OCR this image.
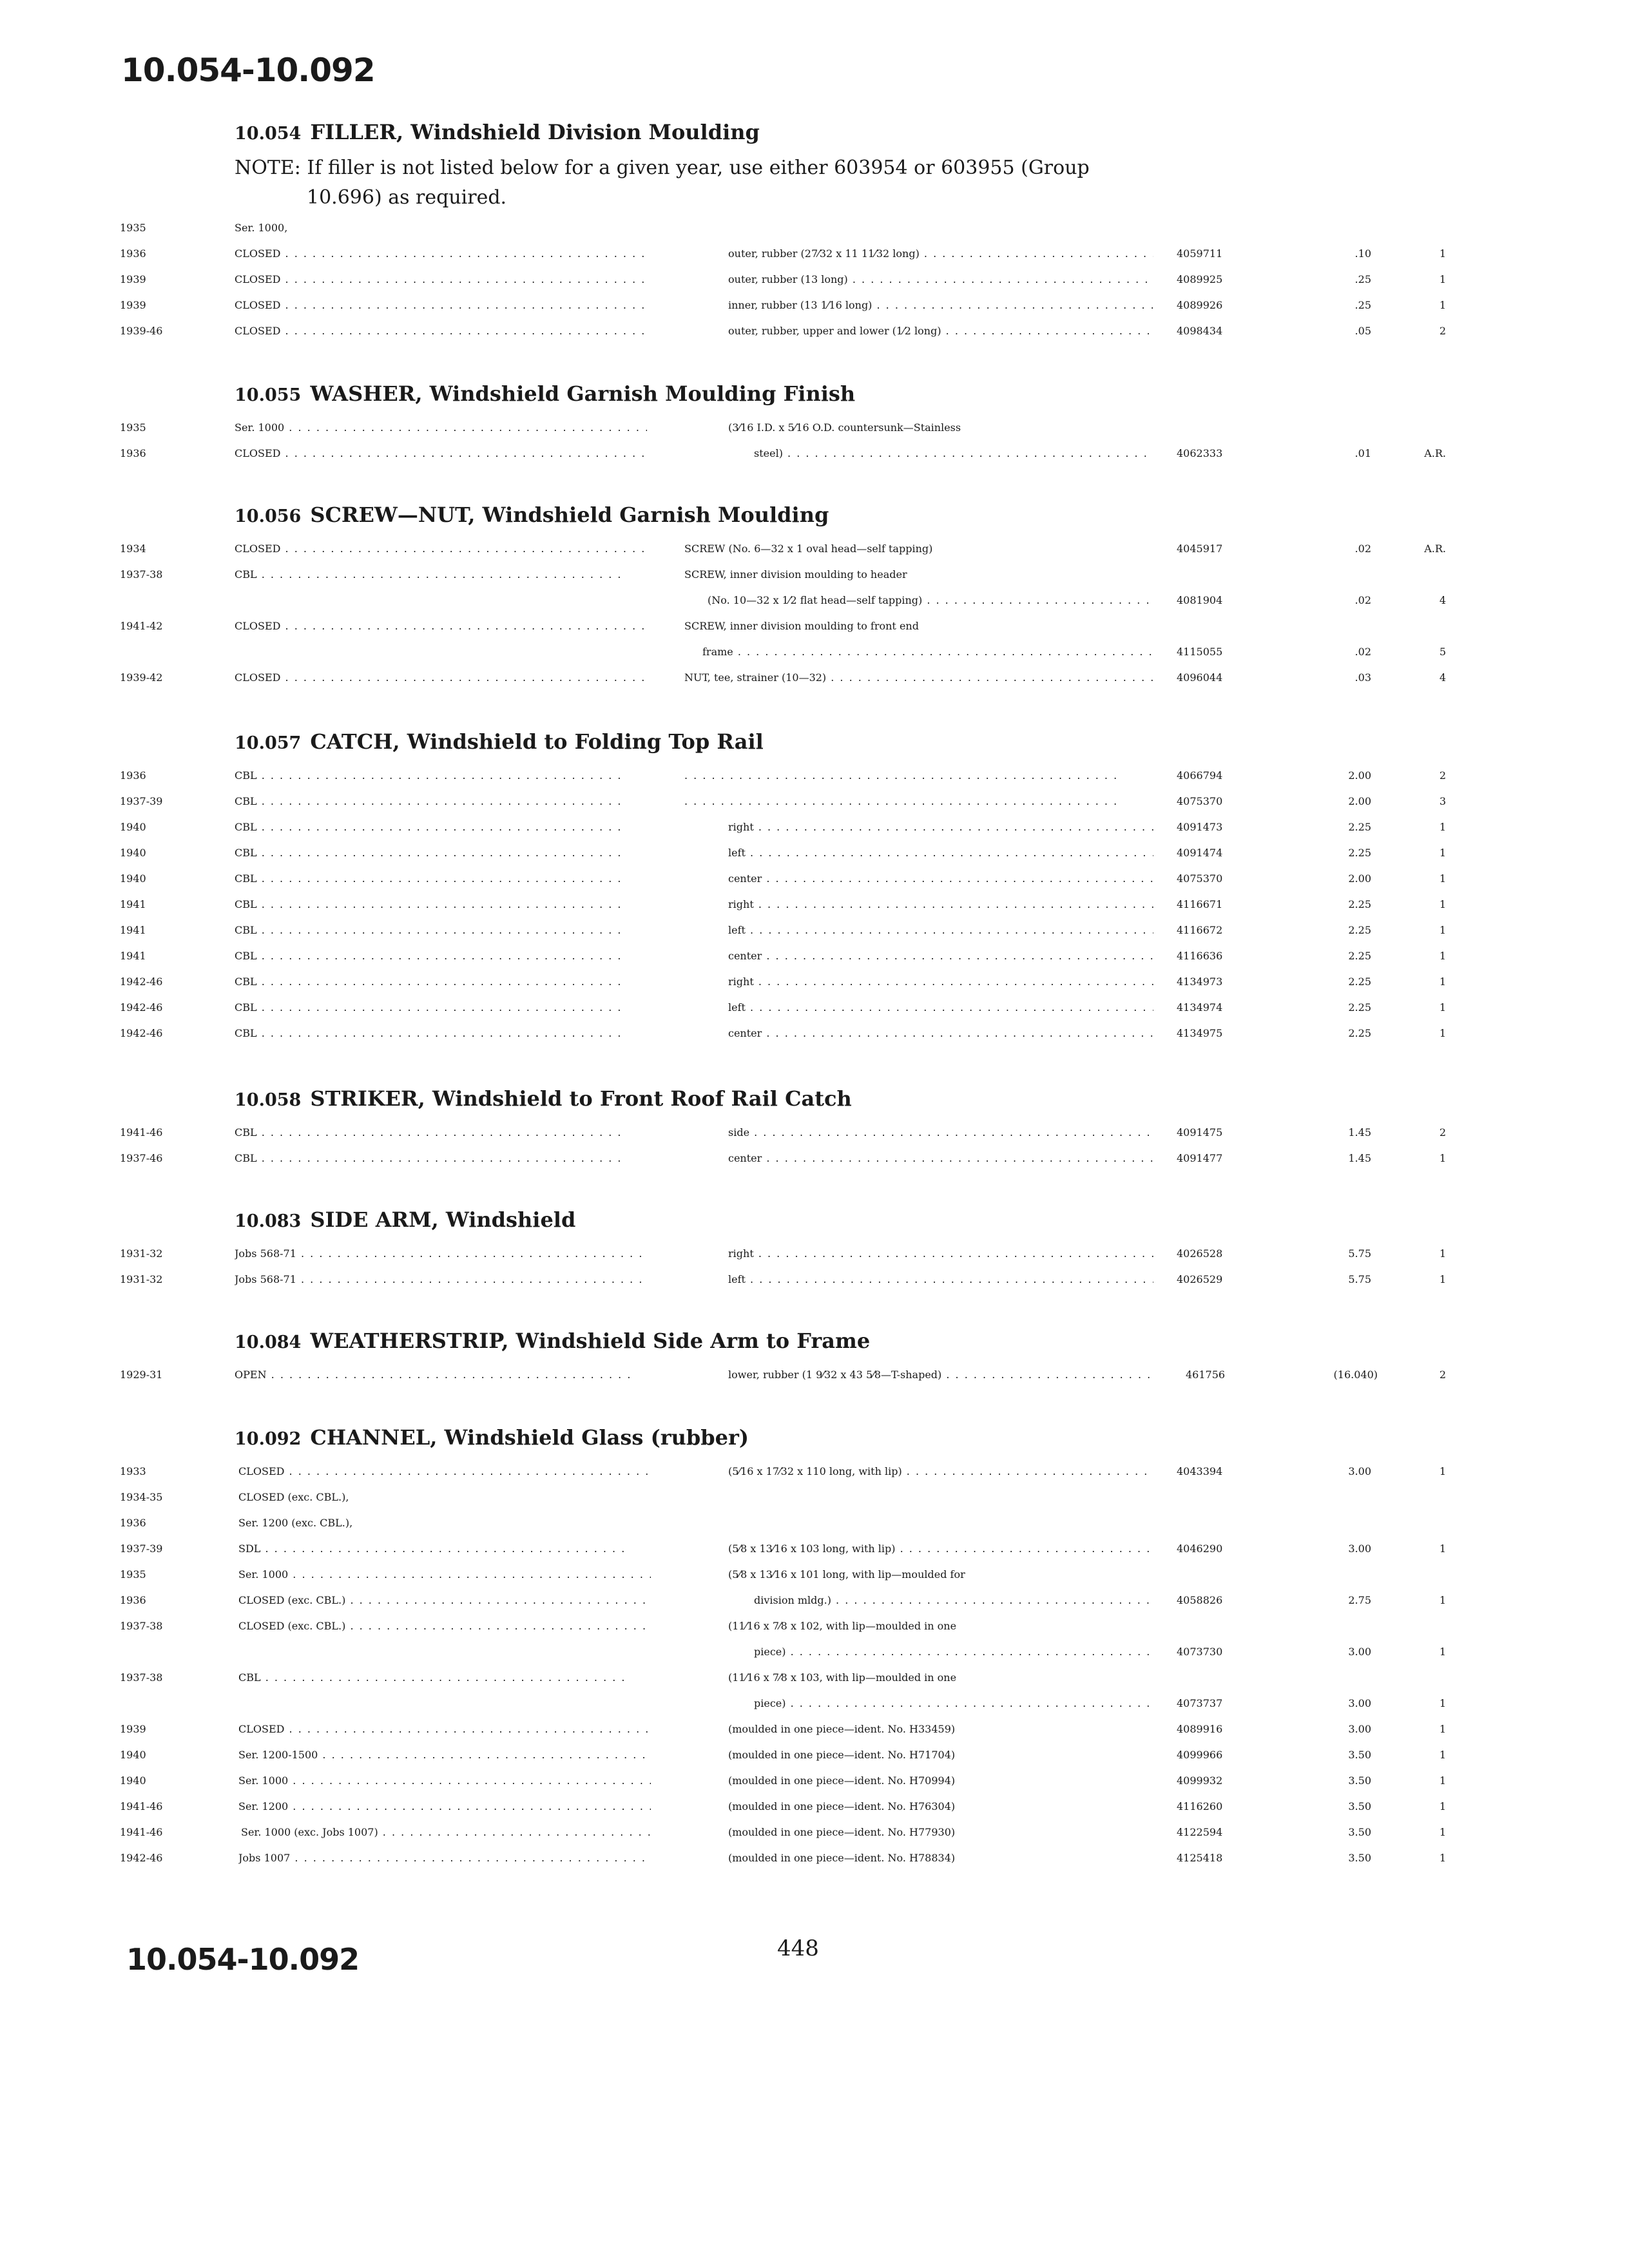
10.054-10.092
10.054 FILLER, Windshield Division Moulding
NOTE: If filler is not listed below for a given year, use either 603954 or 603955 (Group
10.696) as required.
1935	Ser. 1000,
1936	CLOSED . . .	outer, rubber (27⁄32 x 11 11⁄32 long) . . .	4059711	.10	1
1939	CLOSED . . .	outer, rubber (13 long) . . .	4089925	.25	1
1939	CLOSED . . .	inner, rubber (13 1⁄16 long) . . .	4089926	.25	1
1939-46	CLOSED . . .	outer, rubber, upper and lower (1⁄2 long) . . .	4098434	.05	2
10.055 WASHER, Windshield Garnish Moulding Finish
1935	Ser. 1000 . . .	(3⁄16 I.D. x 5⁄16 O.D. countersunk—Stainless
1936	CLOSED . . .	steel) . . .	4062333	.01	A.R.
10.056 SCREW—NUT, Windshield Garnish Moulding
1934	CLOSED . . .	SCREW (No. 6—32 x 1 oval head—self tapping)	4045917	.02	A.R.
1937-38	CBL . . .	SCREW, inner division moulding to header
(No. 10—32 x 1⁄2 flat head—self tapping) . . .	4081904	.02	4
1941-42	CLOSED . . .	SCREW, inner division moulding to front end
frame . . .	4115055	.02	5
1939-42	CLOSED . . .	NUT, tee, strainer (10—32) . . .	4096044	.03	4
10.057 CATCH, Windshield to Folding Top Rail
1936	CBL . . . . . .	4066794	2.00	2
1937-39	CBL . . . . . .	4075370	2.00	3
1940	CBL . . .	right . . .	4091473	2.25	1
1940	CBL . . .	left . . .	4091474	2.25	1
1940	CBL . . .	center . . .	4075370	2.00	1
1941	CBL . . .	right . . .	4116671	2.25	1
1941	CBL . . .	left . . .	4116672	2.25	1
1941	CBL . . .	center . . .	4116636	2.25	1
1942-46	CBL . . .	right . . .	4134973	2.25	1
1942-46	CBL . . .	left . . .	4134974	2.25	1
1942-46	CBL . . .	center . . .	4134975	2.25	1
10.058 STRIKER, Windshield to Front Roof Rail Catch
1941-46	CBL . . .	side . . .	4091475	1.45	2
1937-46	CBL . . .	center . . .	4091477	1.45	1
10.083 SIDE ARM, Windshield
1931-32	Jobs 568-71 . . .	right . . .	4026528	5.75	1
1931-32	Jobs 568-71 . . .	left . . .	4026529	5.75	1
10.084 WEATHERSTRIP, Windshield Side Arm to Frame
1929-31	OPEN . . .	lower, rubber (1 9⁄32 x 43 5⁄8—T-shaped) . . .	461756	(16.040)	2
10.092 CHANNEL, Windshield Glass (rubber)
1933	CLOSED . . .	(5⁄16 x 17⁄32 x 110 long, with lip) . . .	4043394	3.00	1
1934-35	CLOSED (exc. CBL.),
1936	Ser. 1200 (exc. CBL.),
1937-39	SDL . . .	(5⁄8 x 13⁄16 x 103 long, with lip) . . .	4046290	3.00	1
1935	Ser. 1000 . . .	(5⁄8 x 13⁄16 x 101 long, with lip—moulded for
1936	CLOSED (exc. CBL.) . . .	division mldg.) . . .	4058826	2.75	1
1937-38	CLOSED (exc. CBL.) . . .	(11⁄16 x 7⁄8 x 102, with lip—moulded in one
piece) . . .	4073730	3.00	1
1937-38	CBL . . .	(11⁄16 x 7⁄8 x 103, with lip—moulded in one
piece) . . .	4073737	3.00	1
1939	CLOSED . . .	(moulded in one piece—ident. No. H33459)	4089916	3.00	1
1940	Ser. 1200-1500 . . .	(moulded in one piece—ident. No. H71704)	4099966	3.50	1
1940	Ser. 1000 . . .	(moulded in one piece—ident. No. H70994)	4099932	3.50	1
1941-46	Ser. 1200 . . .	(moulded in one piece—ident. No. H76304)	4116260	3.50	1
1941-46	Ser. 1000 (exc. Jobs 1007) . . .	(moulded in one piece—ident. No. H77930)	4122594	3.50	1
1942-46	Jobs 1007 . . .	(moulded in one piece—ident. No. H78834)	4125418	3.50	1
10.054-10.092	448
